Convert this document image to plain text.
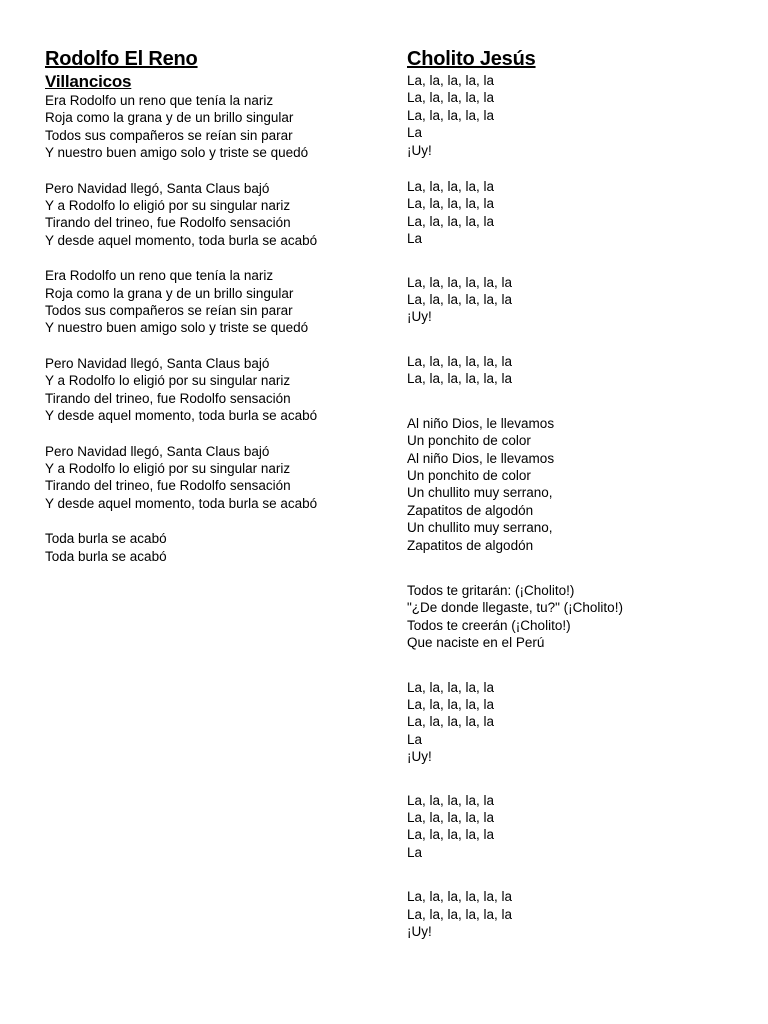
Rodolfo El Reno
Villancicos
Era Rodolfo un reno que tenía la nariz
Roja como la grana y de un brillo singular
Todos sus compañeros se reían sin parar
Y nuestro buen amigo solo y triste se quedó
Pero Navidad llegó, Santa Claus bajó
Y a Rodolfo lo eligió por su singular nariz
Tirando del trineo, fue Rodolfo sensación
Y desde aquel momento, toda burla se acabó
Era Rodolfo un reno que tenía la nariz
Roja como la grana y de un brillo singular
Todos sus compañeros se reían sin parar
Y nuestro buen amigo solo y triste se quedó
Pero Navidad llegó, Santa Claus bajó
Y a Rodolfo lo eligió por su singular nariz
Tirando del trineo, fue Rodolfo sensación
Y desde aquel momento, toda burla se acabó
Pero Navidad llegó, Santa Claus bajó
Y a Rodolfo lo eligió por su singular nariz
Tirando del trineo, fue Rodolfo sensación
Y desde aquel momento, toda burla se acabó
Toda burla se acabó
Toda burla se acabó
Cholito Jesús
La, la, la, la, la
La, la, la, la, la
La, la, la, la, la
La
¡Uy!
La, la, la, la, la
La, la, la, la, la
La, la, la, la, la
La
La, la, la, la, la, la
La, la, la, la, la, la
¡Uy!
La, la, la, la, la, la
La, la, la, la, la, la
Al niño Dios, le llevamos
Un ponchito de color
Al niño Dios, le llevamos
Un ponchito de color
Un chullito muy serrano,
Zapatitos de algodón
Un chullito muy serrano,
Zapatitos de algodón
Todos te gritarán: (¡Cholito!)
"¿De donde llegaste, tu?" (¡Cholito!)
Todos te creerán (¡Cholito!)
Que naciste en el Perú
La, la, la, la, la
La, la, la, la, la
La, la, la, la, la
La
¡Uy!
La, la, la, la, la
La, la, la, la, la
La, la, la, la, la
La
La, la, la, la, la, la
La, la, la, la, la, la
¡Uy!
